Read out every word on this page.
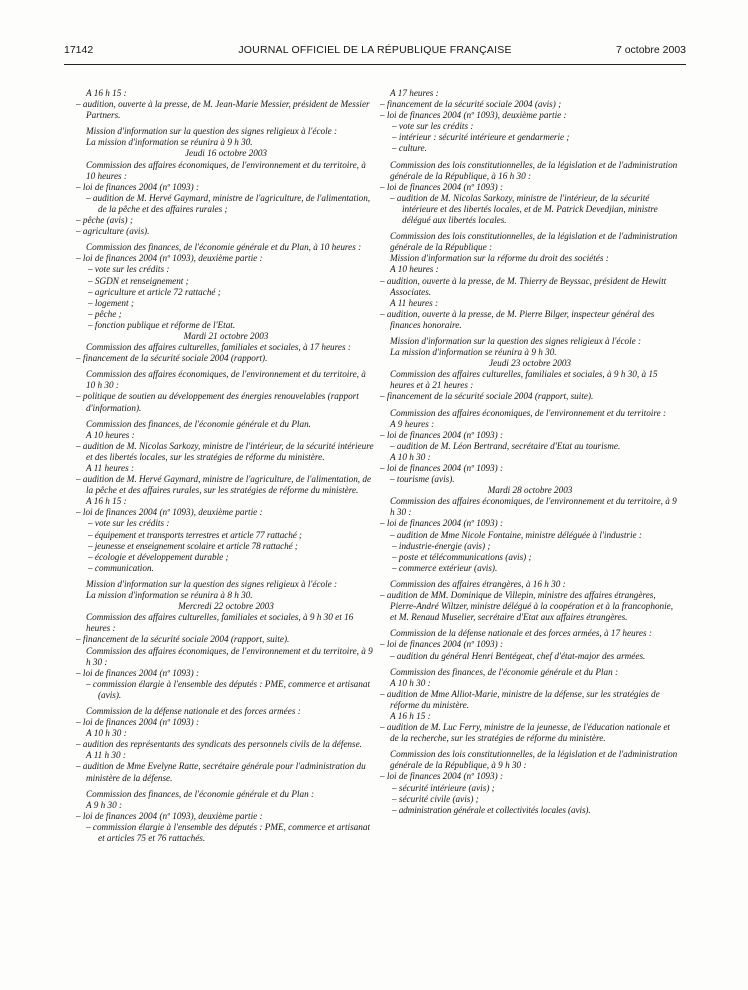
17142	JOURNAL OFFICIEL DE LA RÉPUBLIQUE FRANÇAISE	7 octobre 2003
A 16 h 15 :
– audition, ouverte à la presse, de M. Jean-Marie Messier, président de Messier Partners.
Mission d'information sur la question des signes religieux à l'école :
La mission d'information se réunira à 9 h 30.
Jeudi 16 octobre 2003
Commission des affaires économiques, de l'environnement et du territoire, à 10 heures :
– loi de finances 2004 (nº 1093) :
– audition de M. Hervé Gaymard, ministre de l'agriculture, de l'alimentation, de la pêche et des affaires rurales ;
– pêche (avis) ;
– agriculture (avis).
Commission des finances, de l'économie générale et du Plan, à 10 heures :
– loi de finances 2004 (nº 1093), deuxième partie :
– vote sur les crédits :
– SGDN et renseignement ;
– agriculture et article 72 rattaché ;
– logement ;
– pêche ;
– fonction publique et réforme de l'Etat.
Mardi 21 octobre 2003
Commission des affaires culturelles, familiales et sociales, à 17 heures :
– financement de la sécurité sociale 2004 (rapport).
Commission des affaires économiques, de l'environnement et du territoire, à 10 h 30 :
– politique de soutien au développement des énergies renouvelables (rapport d'information).
Commission des finances, de l'économie générale et du Plan.
A 10 heures :
– audition de M. Nicolas Sarkozy, ministre de l'intérieur, de la sécurité intérieure et des libertés locales, sur les stratégies de réforme du ministère.
A 11 heures :
– audition de M. Hervé Gaymard, ministre de l'agriculture, de l'alimentation, de la pêche et des affaires rurales, sur les stratégies de réforme du ministère.
A 16 h 15 :
– loi de finances 2004 (nº 1093), deuxième partie :
– vote sur les crédits :
– équipement et transports terrestres et article 77 rattaché ;
– jeunesse et enseignement scolaire et article 78 rattaché ;
– écologie et développement durable ;
– communication.
Mission d'information sur la question des signes religieux à l'école :
La mission d'information se réunira à 8 h 30.
Mercredi 22 octobre 2003
Commission des affaires culturelles, familiales et sociales, à 9 h 30 et 16 heures :
– financement de la sécurité sociale 2004 (rapport, suite).
Commission des affaires économiques, de l'environnement et du territoire, à 9 h 30 :
– loi de finances 2004 (nº 1093) :
– commission élargie à l'ensemble des députés : PME, commerce et artisanat (avis).
Commission de la défense nationale et des forces armées :
– loi de finances 2004 (nº 1093) :
A 10 h 30 :
– audition des représentants des syndicats des personnels civils de la défense.
A 11 h 30 :
– audition de Mme Evelyne Ratte, secrétaire générale pour l'administration du ministère de la défense.
Commission des finances, de l'économie générale et du Plan :
A 9 h 30 :
– loi de finances 2004 (nº 1093), deuxième partie :
– commission élargie à l'ensemble des députés : PME, commerce et artisanat et articles 75 et 76 rattachés.
A 17 heures :
– financement de la sécurité sociale 2004 (avis) ;
– loi de finances 2004 (nº 1093), deuxième partie :
– vote sur les crédits :
– intérieur : sécurité intérieure et gendarmerie ;
– culture.
Commission des lois constitutionnelles, de la législation et de l'administration générale de la République, à 16 h 30 :
– loi de finances 2004 (nº 1093) :
– audition de M. Nicolas Sarkozy, ministre de l'intérieur, de la sécurité intérieure et des libertés locales, et de M. Patrick Devedjian, ministre délégué aux libertés locales.
Commission des lois constitutionnelles, de la législation et de l'administration générale de la République :
Mission d'information sur la réforme du droit des sociétés :
A 10 heures :
– audition, ouverte à la presse, de M. Thierry de Beyssac, président de Hewitt Associates.
A 11 heures :
– audition, ouverte à la presse, de M. Pierre Bilger, inspecteur général des finances honoraire.
Mission d'information sur la question des signes religieux à l'école :
La mission d'information se réunira à 9 h 30.
Jeudi 23 octobre 2003
Commission des affaires culturelles, familiales et sociales, à 9 h 30, à 15 heures et à 21 heures :
– financement de la sécurité sociale 2004 (rapport, suite).
Commission des affaires économiques, de l'environnement et du territoire :
A 9 heures :
– loi de finances 2004 (nº 1093) :
– audition de M. Léon Bertrand, secrétaire d'Etat au tourisme.
A 10 h 30 :
– loi de finances 2004 (nº 1093) :
– tourisme (avis).
Mardi 28 octobre 2003
Commission des affaires économiques, de l'environnement et du territoire, à 9 h 30 :
– loi de finances 2004 (nº 1093) :
– audition de Mme Nicole Fontaine, ministre déléguée à l'industrie :
– industrie-énergie (avis) ;
– poste et télécommunications (avis) ;
– commerce extérieur (avis).
Commission des affaires étrangères, à 16 h 30 :
– audition de MM. Dominique de Villepin, ministre des affaires étrangères, Pierre-André Wiltzer, ministre délégué à la coopération et à la francophonie, et M. Renaud Muselier, secrétaire d'Etat aux affaires étrangères.
Commission de la défense nationale et des forces armées, à 17 heures :
– loi de finances 2004 (nº 1093) :
– audition du général Henri Bentégeat, chef d'état-major des armées.
Commission des finances, de l'économie générale et du Plan :
A 10 h 30 :
– audition de Mme Alliot-Marie, ministre de la défense, sur les stratégies de réforme du ministère.
A 16 h 15 :
– audition de M. Luc Ferry, ministre de la jeunesse, de l'éducation nationale et de la recherche, sur les stratégies de réforme du ministère.
Commission des lois constitutionnelles, de la législation et de l'administration générale de la République, à 9 h 30 :
– loi de finances 2004 (nº 1093) :
– sécurité intérieure (avis) ;
– sécurité civile (avis) ;
– administration générale et collectivités locales (avis).
